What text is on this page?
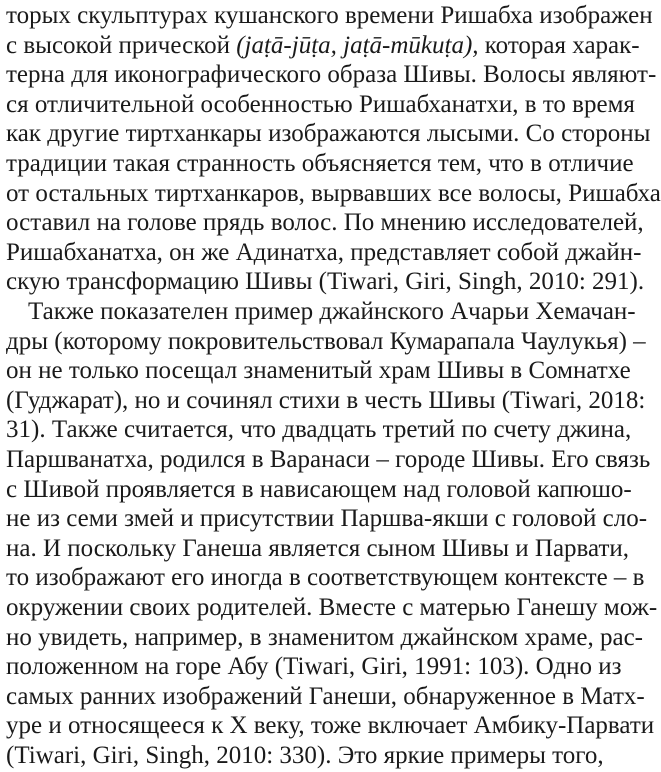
торых скульптурах кушанского времени Ришабха изображен
с высокой прической (jaṭā-jūṭa, jaṭā-mūkuṭa), которая харак-
терна для иконографического образа Шивы. Волосы являют-
ся отличительной особенностью Ришабханатхи, в то время
как другие тиртханкары изображаются лысыми. Со стороны
традиции такая странность объясняется тем, что в отличие
от остальных тиртханкаров, вырвавших все волосы, Ришабха
оставил на голове прядь волос. По мнению исследователей,
Ришабханатха, он же Адинатха, представляет собой джайн-
скую трансформацию Шивы (Tiwari, Giri, Singh, 2010: 291).
Также показателен пример джайнского Ачарьи Хемачан-
дры (которому покровительствовал Кумарапала Чаулукья) –
он не только посещал знаменитый храм Шивы в Сомнатхе
(Гуджарат), но и сочинял стихи в честь Шивы (Tiwari, 2018:
31). Также считается, что двадцать третий по счету джина,
Паршванатха, родился в Варанаси – городе Шивы. Его связь
с Шивой проявляется в нависающем над головой капюшо-
не из семи змей и присутствии Паршва-якши с головой сло-
на. И поскольку Ганеша является сыном Шивы и Парвати,
то изображают его иногда в соответствующем контексте – в
окружении своих родителей. Вместе с матерью Ганешу мож-
но увидеть, например, в знаменитом джайнском храме, рас-
положенном на горе Абу (Tiwari, Giri, 1991: 103). Одно из
самых ранних изображений Ганеши, обнаруженное в Матх-
уре и относящееся к X веку, тоже включает Амбику-Парвати
(Tiwari, Giri, Singh, 2010: 330). Это яркие примеры того,
